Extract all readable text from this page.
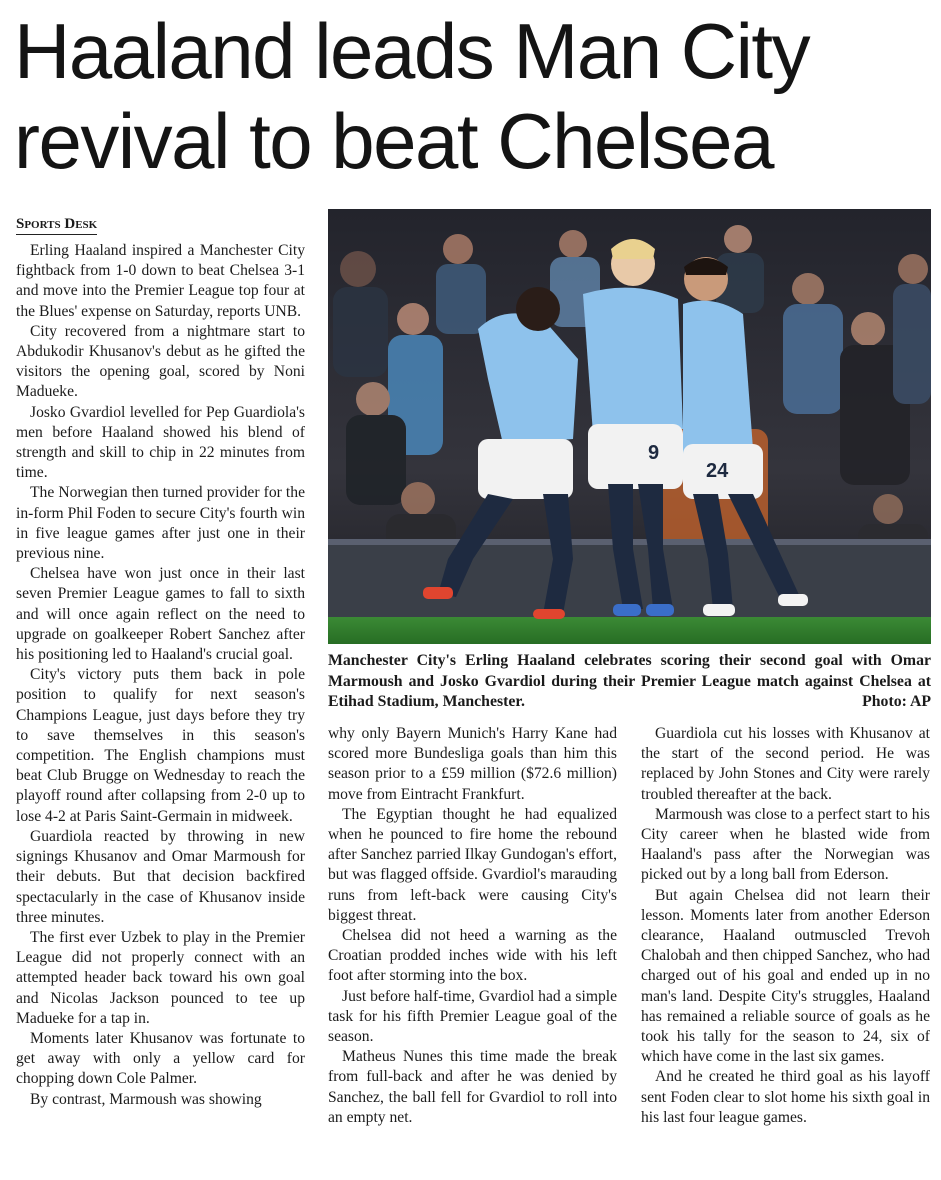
Haaland leads Man City revival to beat Chelsea
Sports Desk

Erling Haaland inspired a Manchester City fightback from 1-0 down to beat Chelsea 3-1 and move into the Premier League top four at the Blues' expense on Saturday, reports UNB.

City recovered from a nightmare start to Abdukodir Khusanov's debut as he gifted the visitors the opening goal, scored by Noni Madueke.

Josko Gvardiol levelled for Pep Guardiola's men before Haaland showed his blend of strength and skill to chip in 22 minutes from time.

The Norwegian then turned provider for the in-form Phil Foden to secure City's fourth win in five league games after just one in their previous nine.

Chelsea have won just once in their last seven Premier League games to fall to sixth and will once again reflect on the need to upgrade on goalkeeper Robert Sanchez after his positioning led to Haaland's crucial goal.

City's victory puts them back in pole position to qualify for next season's Champions League, just days before they try to save themselves in this season's competition. The English champions must beat Club Brugge on Wednesday to reach the playoff round after collapsing from 2-0 up to lose 4-2 at Paris Saint-Germain in midweek.

Guardiola reacted by throwing in new signings Khusanov and Omar Marmoush for their debuts. But that decision backfired spectacularly in the case of Khusanov inside three minutes.

The first ever Uzbek to play in the Premier League did not properly connect with an attempted header back toward his own goal and Nicolas Jackson pounced to tee up Madueke for a tap in.

Moments later Khusanov was fortunate to get away with only a yellow card for chopping down Cole Palmer.

By contrast, Marmoush was showing

9
24

Manchester City's Erling Haaland celebrates scoring their second goal with Omar Marmoush and Josko Gvardiol during their Premier League match against Chelsea at Etihad Stadium, Manchester.	Photo: AP

why only Bayern Munich's Harry Kane had scored more Bundesliga goals than him this season prior to a £59 million ($72.6 million) move from Eintracht Frankfurt.

The Egyptian thought he had equalized when he pounced to fire home the rebound after Sanchez parried Ilkay Gundogan's effort, but was flagged offside. Gvardiol's marauding runs from left-back were causing City's biggest threat.

Chelsea did not heed a warning as the Croatian prodded inches wide with his left foot after storming into the box.

Just before half-time, Gvardiol had a simple task for his fifth Premier League goal of the season.

Matheus Nunes this time made the break from full-back and after he was denied by Sanchez, the ball fell for Gvardiol to roll into an empty net.

Guardiola cut his losses with Khusanov at the start of the second period. He was replaced by John Stones and City were rarely troubled thereafter at the back.

Marmoush was close to a perfect start to his City career when he blasted wide from Haaland's pass after the Norwegian was picked out by a long ball from Ederson.

But again Chelsea did not learn their lesson. Moments later from another Ederson clearance, Haaland outmuscled Trevoh Chalobah and then chipped Sanchez, who had charged out of his goal and ended up in no man's land. Despite City's struggles, Haaland has remained a reliable source of goals as he took his tally for the season to 24, six of which have come in the last six games.

And he created he third goal as his layoff sent Foden clear to slot home his sixth goal in his last four league games.
